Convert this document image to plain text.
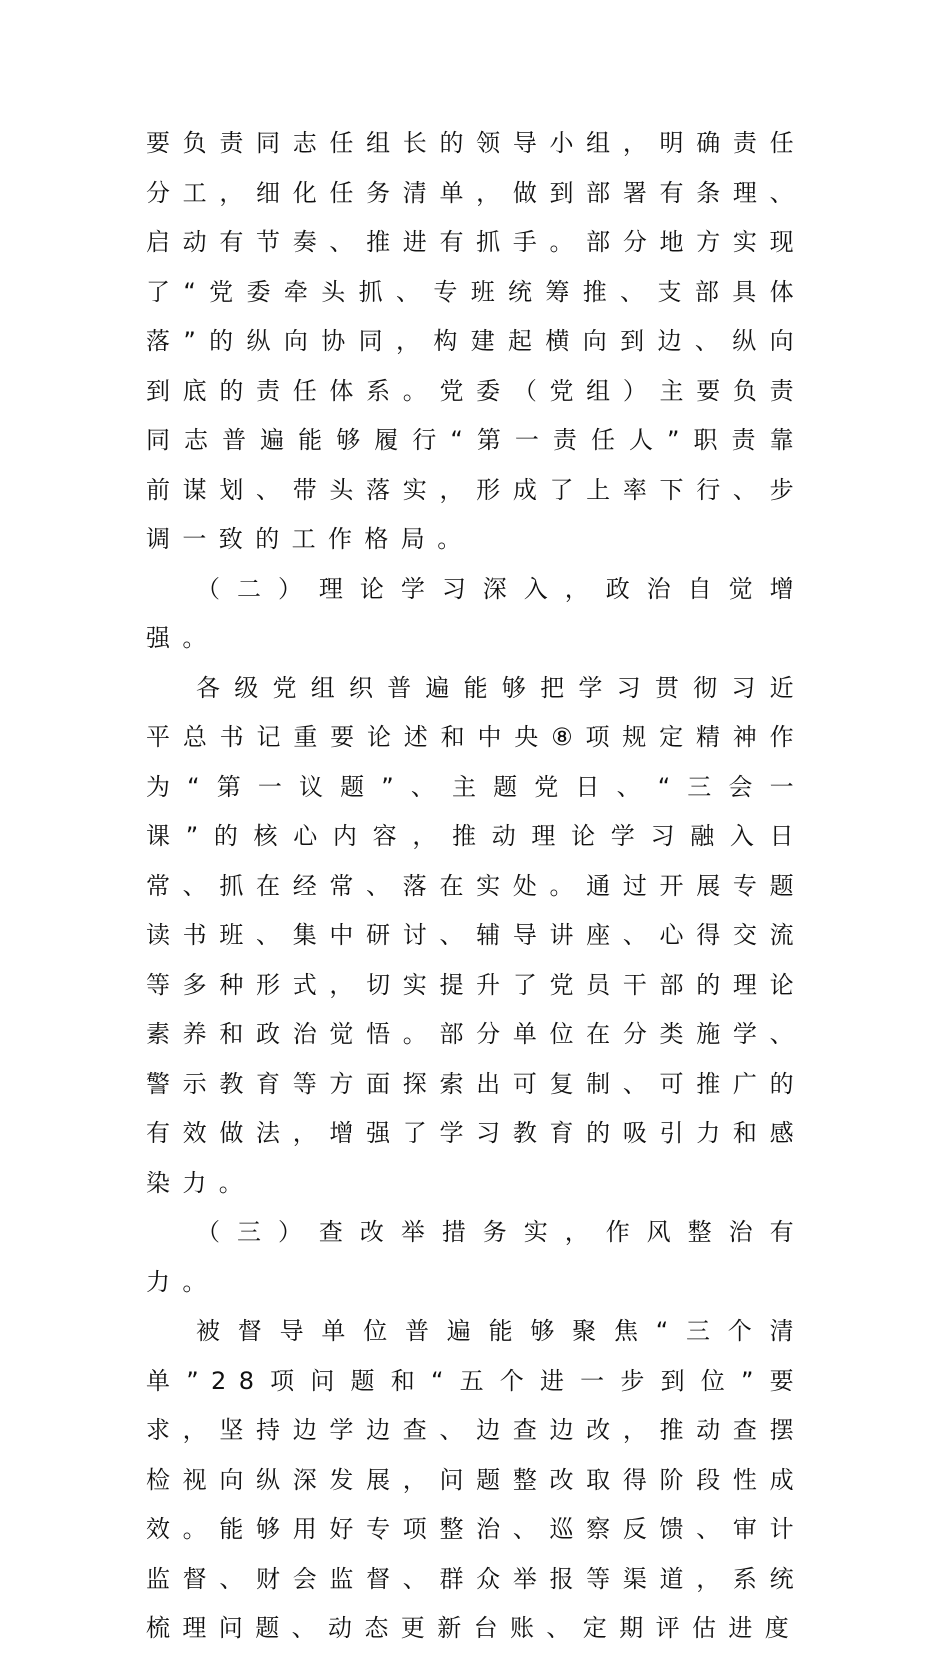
要负责同志任组长的领导小组，明确责任分工，细化任务清单，做到部署有条理、启动有节奏、推进有抓手。部分地方实现了“党委牵头抓、专班统筹推、支部具体落”的纵向协同，构建起横向到边、纵向到底的责任体系。党委（党组）主要负责同志普遍能够履行“第一责任人”职责靠前谋划、带头落实，形成了上率下行、步调一致的工作格局。

（二）理论学习深入，政治自觉增强。

各级党组织普遍能够把学习贯彻习近平总书记重要论述和中央⑧项规定精神作为“第一议题”、主题党日、“三会一课”的核心内容，推动理论学习融入日常、抓在经常、落在实处。通过开展专题读书班、集中研讨、辅导讲座、心得交流等多种形式，切实提升了党员干部的理论素养和政治觉悟。部分单位在分类施学、警示教育等方面探索出可复制、可推广的有效做法，增强了学习教育的吸引力和感染力。

（三）查改举措务实，作风整治有力。

被督导单位普遍能够聚焦“三个清单”28项问题和“五个进一步到位”要求，坚持边学边查、边查边改，推动查摆检视向纵深发展，问题整改取得阶段性成效。能够用好专项整治、巡察反馈、审计监督、财会监督、群众举报等渠道，系统梳理问题、动态更新台账、定期评估进度
